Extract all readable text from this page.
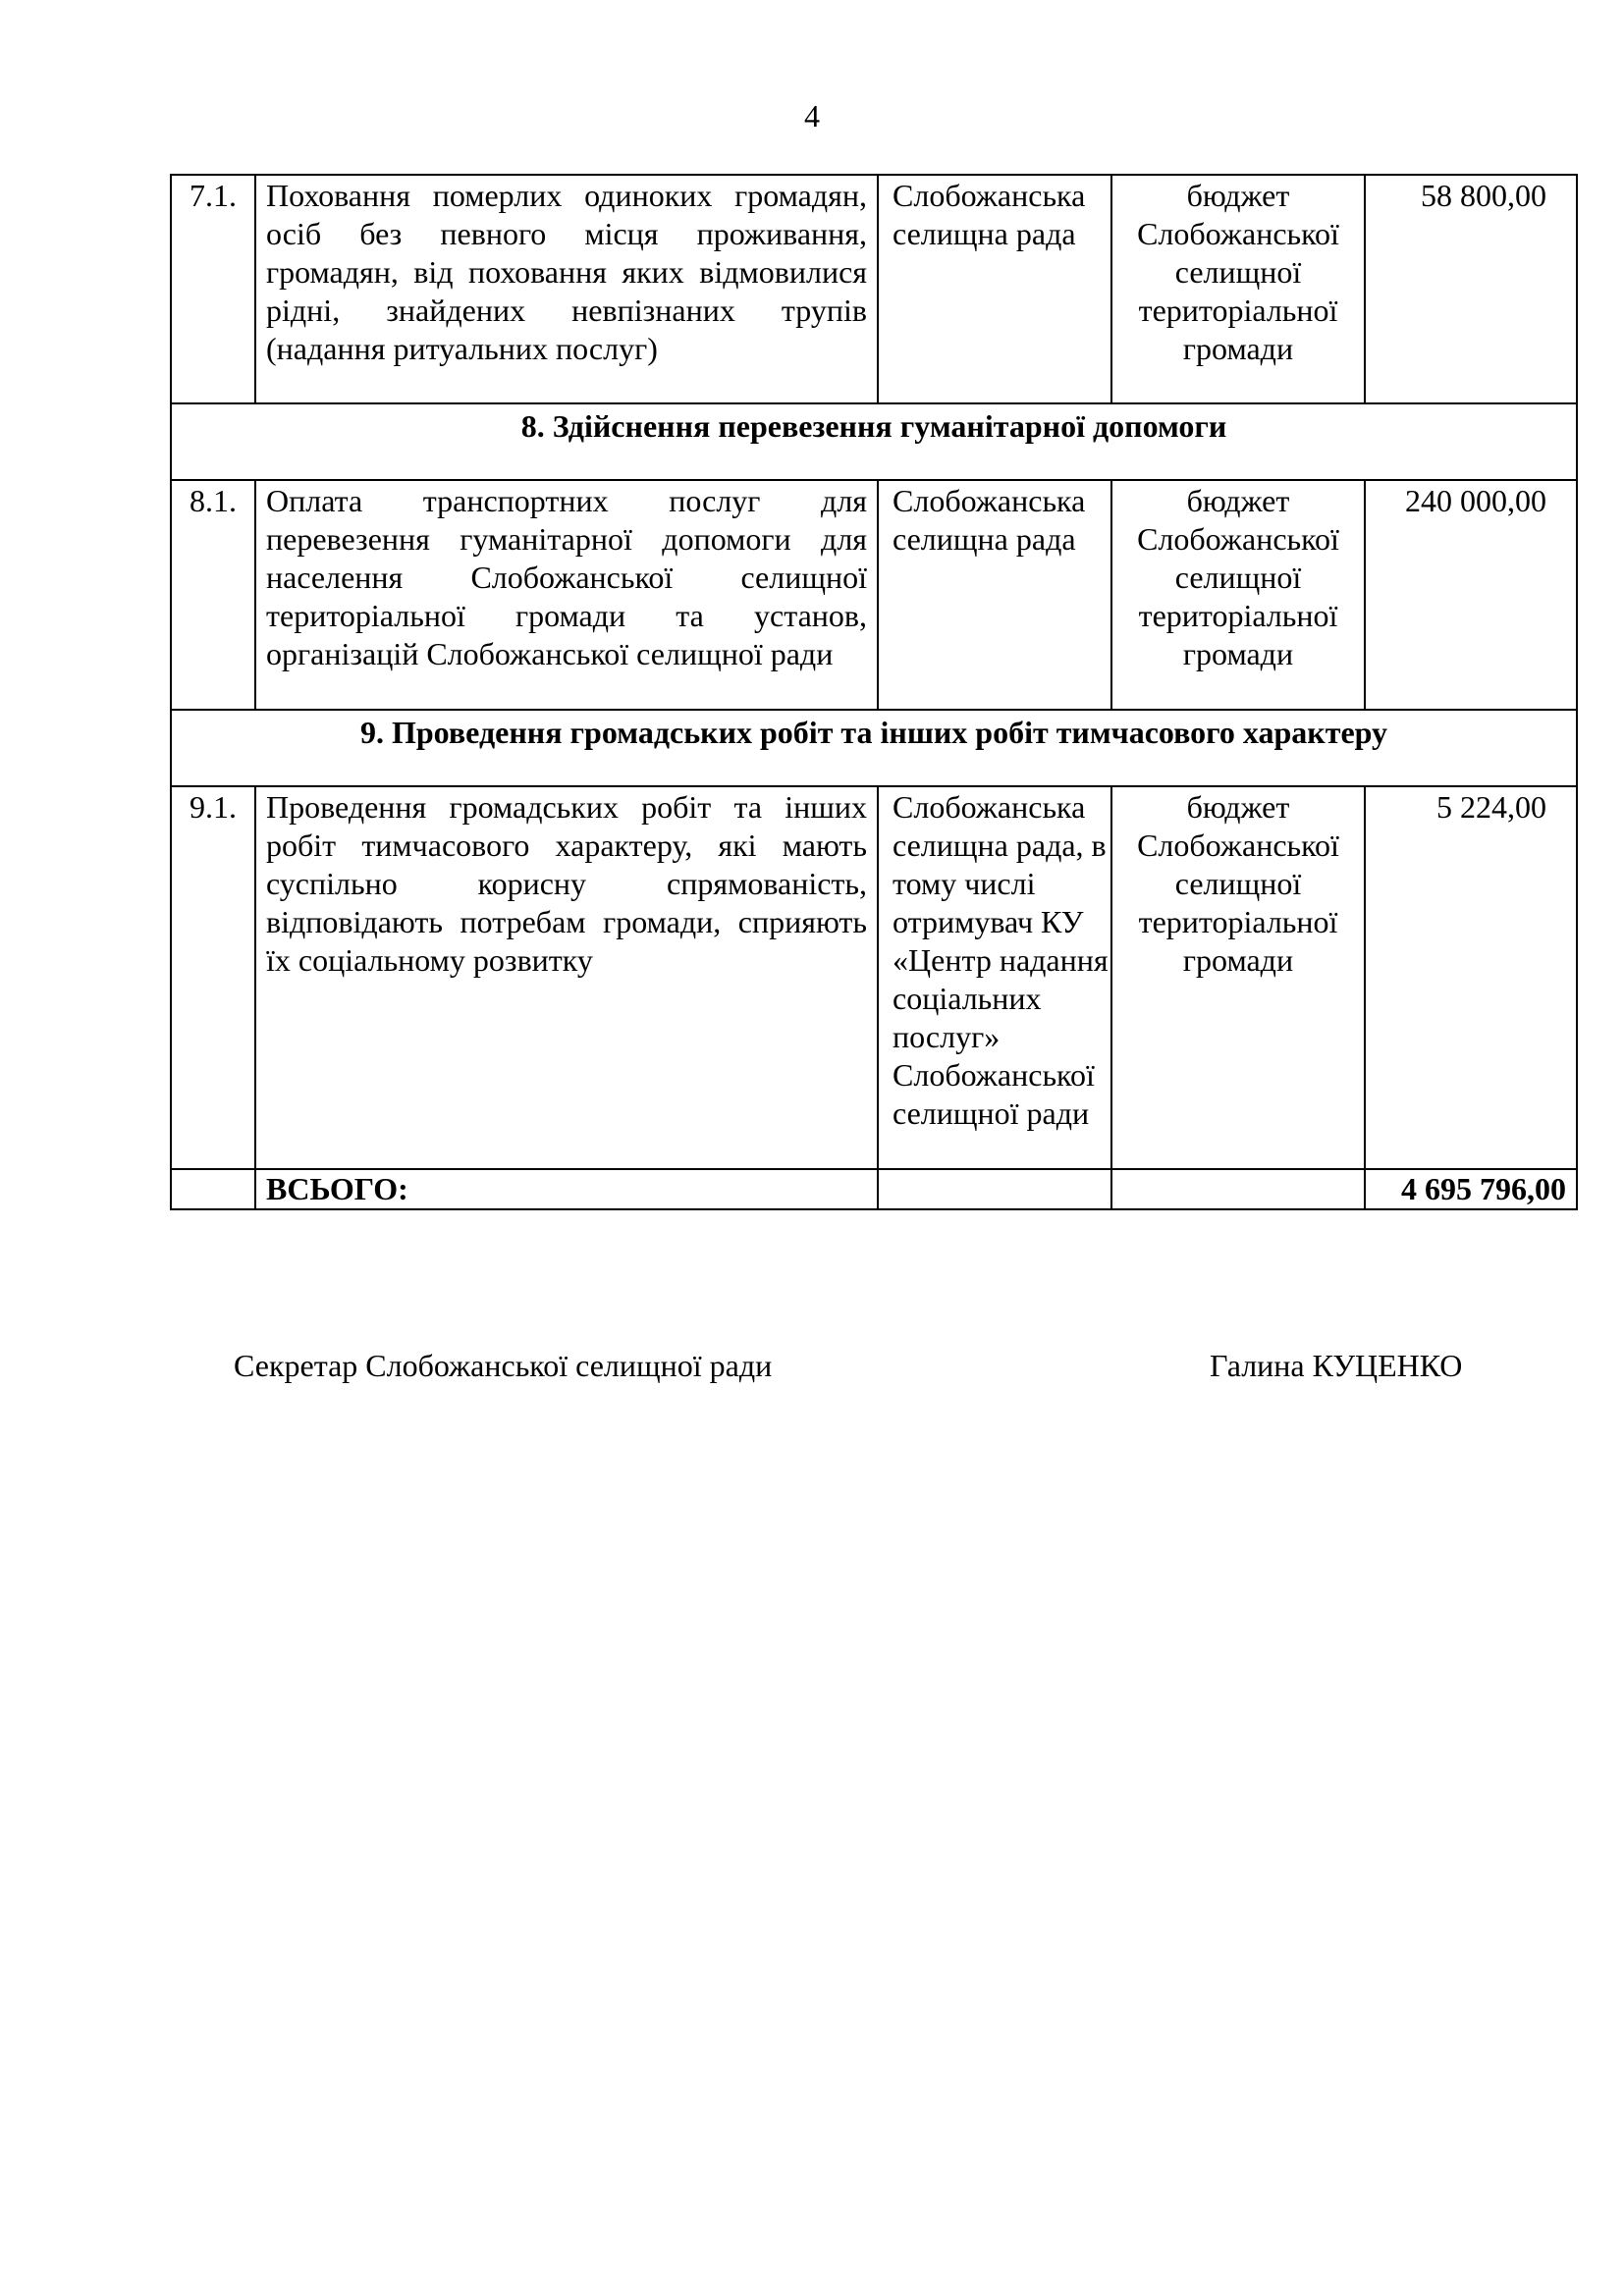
4
7.1.	Поховання померлих одиноких громадян, осіб без певного місця проживання, громадян, від поховання яких відмовилися рідні, знайдених невпізнаних трупів (надання ритуальних послуг)	Слобожанська селищна рада	бюджет Слобожанської селищної територіальної громади	58 800,00
8. Здійснення перевезення гуманітарної допомоги				
8.1.	Оплата транспортних послуг для перевезення гуманітарної допомоги для населення Слобожанської селищної територіальної громади та установ, організацій Слобожанської селищної ради	Слобожанська селищна рада	бюджет Слобожанської селищної територіальної громади	240 000,00
9. Проведення громадських робіт та інших робіт тимчасового характеру				
9.1.	Проведення громадських робіт та інших робіт тимчасового характеру, які мають суспільно корисну спрямованість, відповідають потребам громади, сприяють їх соціальному розвитку	Слобожанська селищна рада, в тому числі отримувач КУ «Центр надання соціальних послуг» Слобожанської селищної ради	бюджет Слобожанської селищної територіальної громади	5 224,00
	ВСЬОГО:			4 695 796,00
Секретар Слобожанської селищної ради	Галина КУЦЕНКО
